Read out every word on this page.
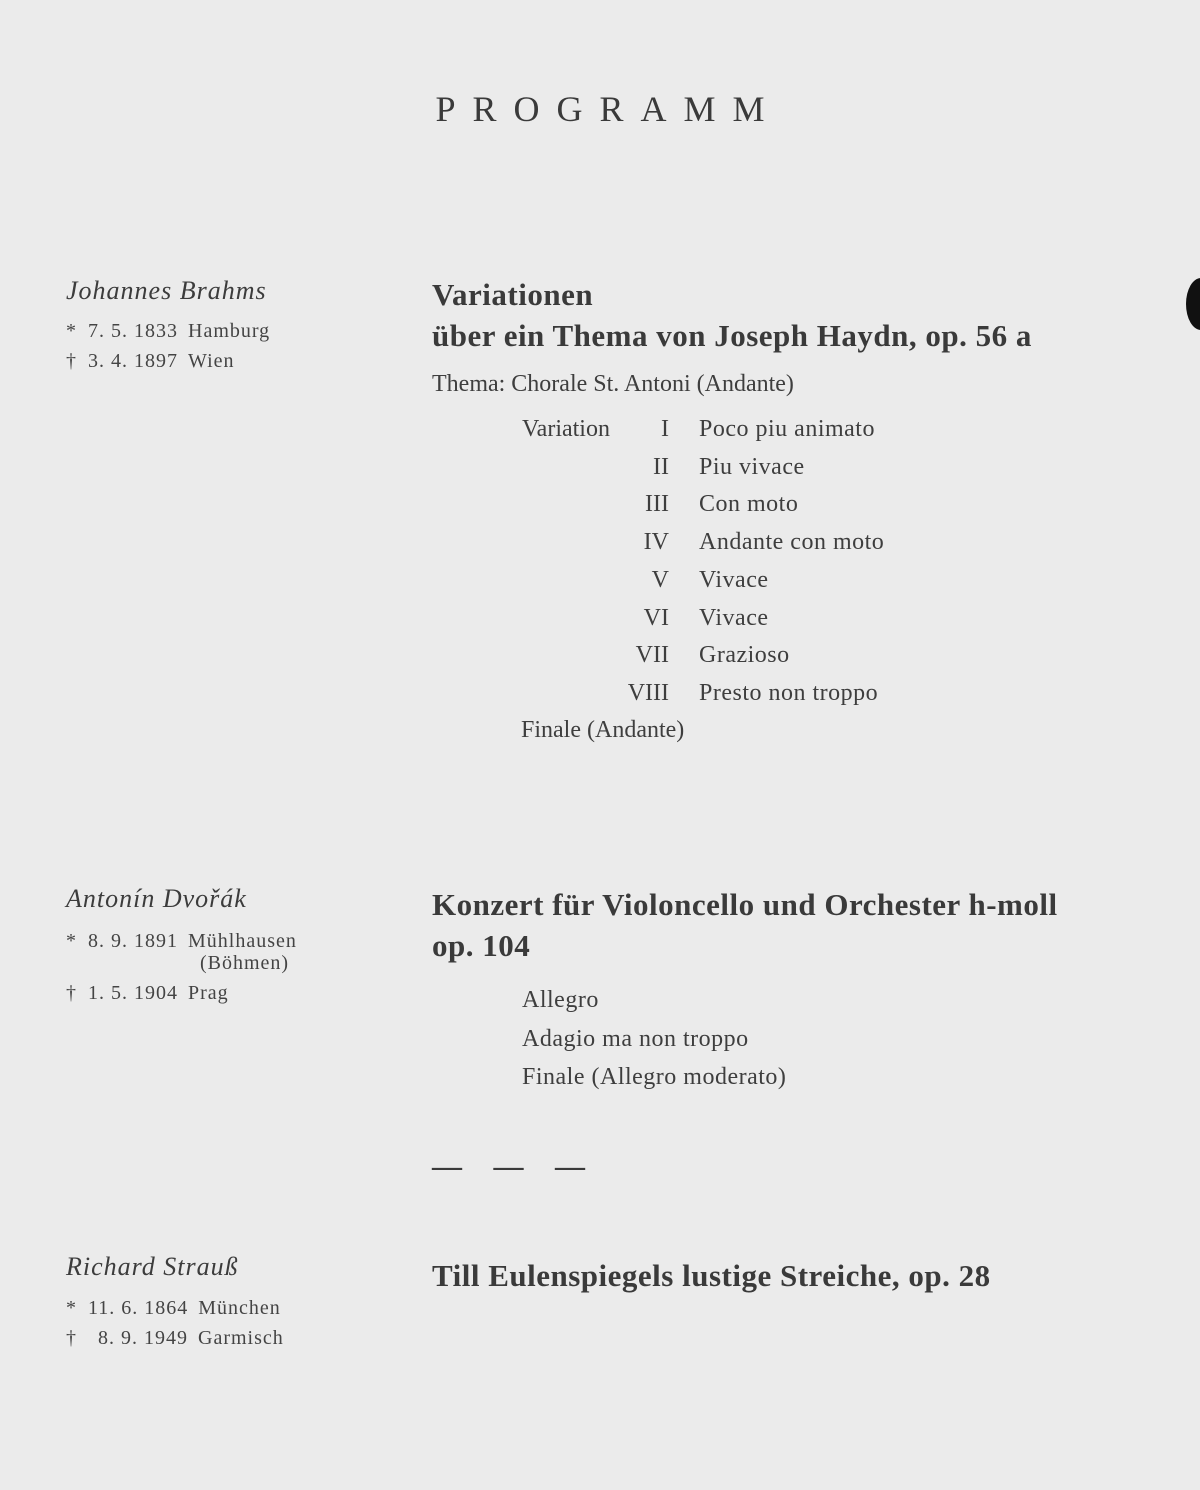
PROGRAMM
Johannes Brahms
* 7. 5. 1833 Hamburg
† 3. 4. 1897 Wien
Variationen
über ein Thema von Joseph Haydn, op. 56 a
Thema: Chorale St. Antoni (Andante)
Variation I Poco piu animato
II Piu vivace
III Con moto
IV Andante con moto
V Vivace
VI Vivace
VII Grazioso
VIII Presto non troppo
Finale (Andante)
Antonín Dvořák
* 8. 9. 1891 Mühlhausen
(Böhmen)
† 1. 5. 1904 Prag
Konzert für Violoncello und Orchester h-moll
op. 104
Allegro
Adagio ma non troppo
Finale (Allegro moderato)
— — —
Richard Strauß
* 11. 6. 1864 München
†	8. 9. 1949 Garmisch
Till Eulenspiegels lustige Streiche, op. 28
